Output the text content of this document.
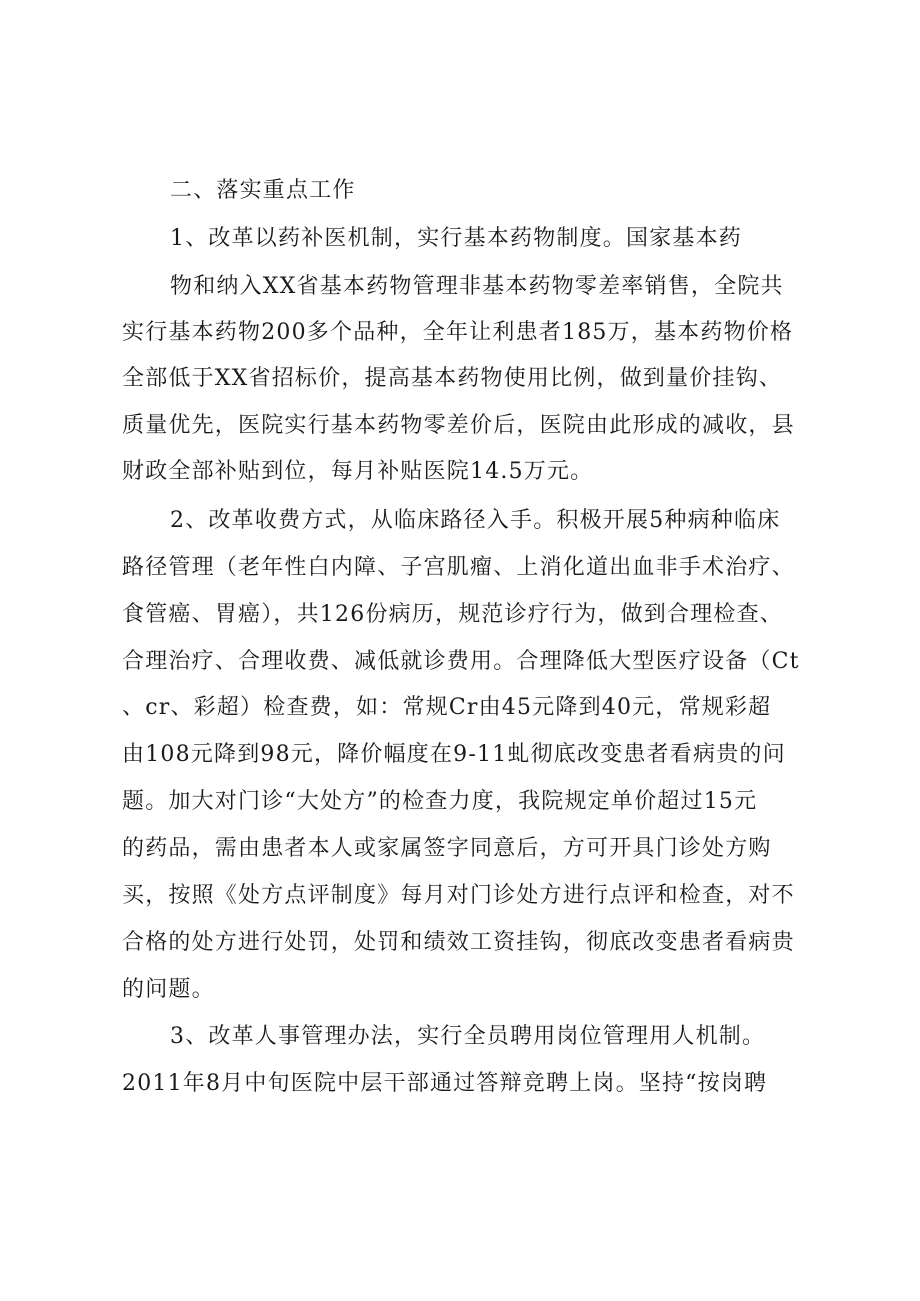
二、落实重点工作
1、改革以药补医机制，实行基本药物制度。国家基本药
物和纳入XX省基本药物管理非基本药物零差率销售，全院共
实行基本药物200多个品种，全年让利患者185万，基本药物价格
全部低于XX省招标价，提高基本药物使用比例，做到量价挂钩、
质量优先，医院实行基本药物零差价后，医院由此形成的减收，县
财政全部补贴到位，每月补贴医院14.5万元。
2、改革收费方式，从临床路径入手。积极开展5种病种临床
路径管理（老年性白内障、子宫肌瘤、上消化道出血非手术治疗、
食管癌、胃癌），共126份病历，规范诊疗行为，做到合理检查、
合理治疗、合理收费、减低就诊费用。合理降低大型医疗设备（Ct
、cr、彩超）检查费，如：常规Cr由45元降到40元，常规彩超
由108元降到98元，降价幅度在9-11虬彻底改变患者看病贵的问
题。加大对门诊“大处方”的检查力度，我院规定单价超过15元
的药品，需由患者本人或家属签字同意后，方可开具门诊处方购
买，按照《处方点评制度》每月对门诊处方进行点评和检查，对不
合格的处方进行处罚，处罚和绩效工资挂钩，彻底改变患者看病贵
的问题。
3、改革人事管理办法，实行全员聘用岗位管理用人机制。
2011年8月中旬医院中层干部通过答辩竞聘上岗。坚持“按岗聘
